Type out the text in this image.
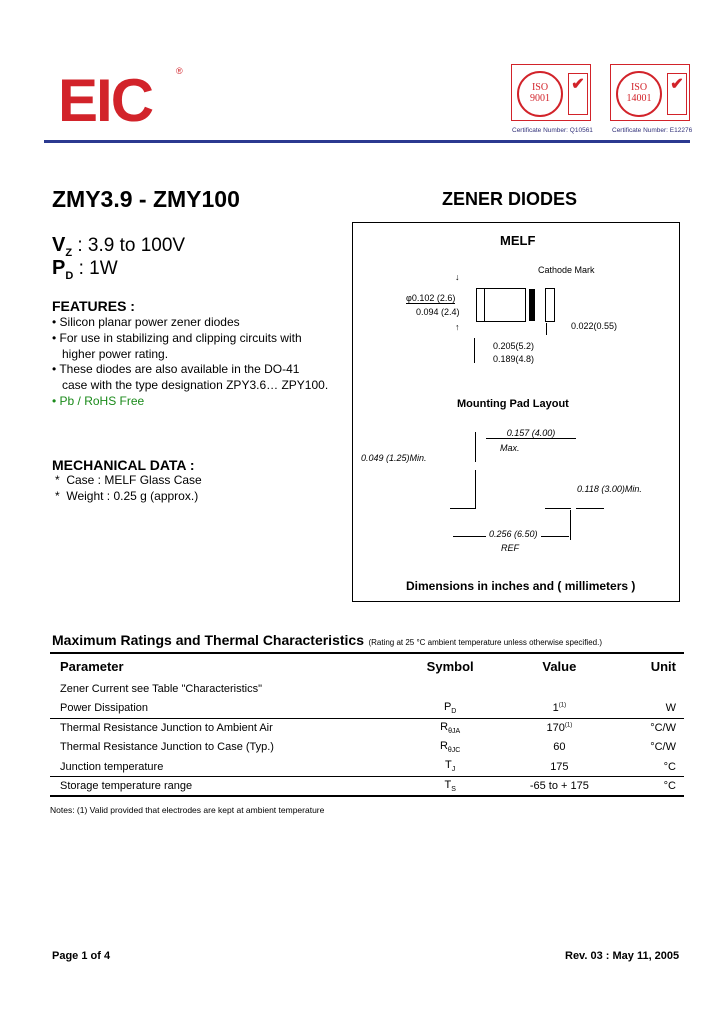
EIC	®
ISO
9001
✔
Certificate Number: Q10561
ISO
14001
✔
Certificate Number: E12276
ZMY3.9 - ZMY100	ZENER DIODES
$V_Z$ : 3.9 to 100V
$P_D$ : 1W
FEATURES :
• Silicon planar power zener diodes
• For use in stabilizing and clipping circuits with
higher power rating.
• These diodes are also available in the DO-41
case with the type designation ZPY3.6… ZPY100.
• Pb / RoHS Free
MECHANICAL DATA :
*  Case : MELF Glass Case
*  Weight : 0.25 g (approx.)
MELF
Cathode Mark
φ0.102 (2.6)
0.094 (2.4)
↓
↑	0.022(0.55)
0.205(5.2)
0.189(4.8)
Mounting Pad Layout
0.157 (4.00)
Max.
0.049 (1.25)Min.
0.118 (3.00)Min.
0.256 (6.50)
REF
Dimensions in inches and ( millimeters )
Maximum Ratings and Thermal Characteristics (Rating at 25 °C ambient temperature unless otherwise specified.)
Parameter	Symbol	Value	Unit
Zener Current see Table "Characteristics"			
Power Dissipation	$P_D$	1$^{(1)}$	W
Thermal Resistance Junction to Ambient Air	$R_{\theta JA}$	170$^{(1)}$	°C/W
Thermal Resistance Junction to Case (Typ.)	$R_{\theta JC}$	60	°C/W
Junction temperature	$T_J$	175	°C
Storage temperature range	$T_S$	-65 to + 175	°C
Notes: (1) Valid provided that electrodes are kept at ambient temperature
Page 1 of 4	Rev. 03 : May 11, 2005
